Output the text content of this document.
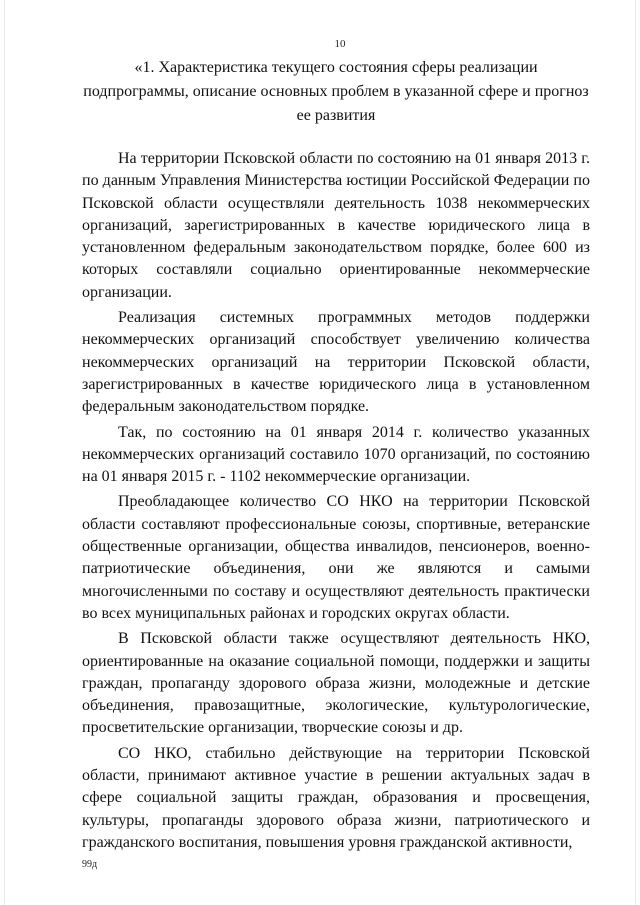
10
«1. Характеристика текущего состояния сферы реализации подпрограммы, описание основных проблем в указанной сфере и прогноз ее развития

На территории Псковской области по состоянию на 01 января 2013 г. по данным Управления Министерства юстиции Российской Федерации по Псковской области осуществляли деятельность 1038 некоммерческих организаций, зарегистрированных в качестве юридического лица в установленном федеральным законодательством порядке, более 600 из которых составляли социально ориентированные некоммерческие организации.

Реализация системных программных методов поддержки некоммерческих организаций способствует увеличению количества некоммерческих организаций на территории Псковской области, зарегистрированных в качестве юридического лица в установленном федеральным законодательством порядке.

Так, по состоянию на 01 января 2014 г. количество указанных некоммерческих организаций составило 1070 организаций, по состоянию на 01 января 2015 г. - 1102 некоммерческие организации.

Преобладающее количество СО НКО на территории Псковской области составляют профессиональные союзы, спортивные, ветеранские общественные организации, общества инвалидов, пенсионеров, военно-патриотические объединения, они же являются и самыми многочисленными по составу и осуществляют деятельность практически во всех муниципальных районах и городских округах области.

В Псковской области также осуществляют деятельность НКО, ориентированные на оказание социальной помощи, поддержки и защиты граждан, пропаганду здорового образа жизни, молодежные и детские объединения, правозащитные, экологические, культурологические, просветительские организации, творческие союзы и др.

СО НКО, стабильно действующие на территории Псковской области, принимают активное участие в решении актуальных задач в сфере социальной защиты граждан, образования и просвещения, культуры, пропаганды здорового образа жизни, патриотического и гражданского воспитания, повышения уровня гражданской активности,

99д
